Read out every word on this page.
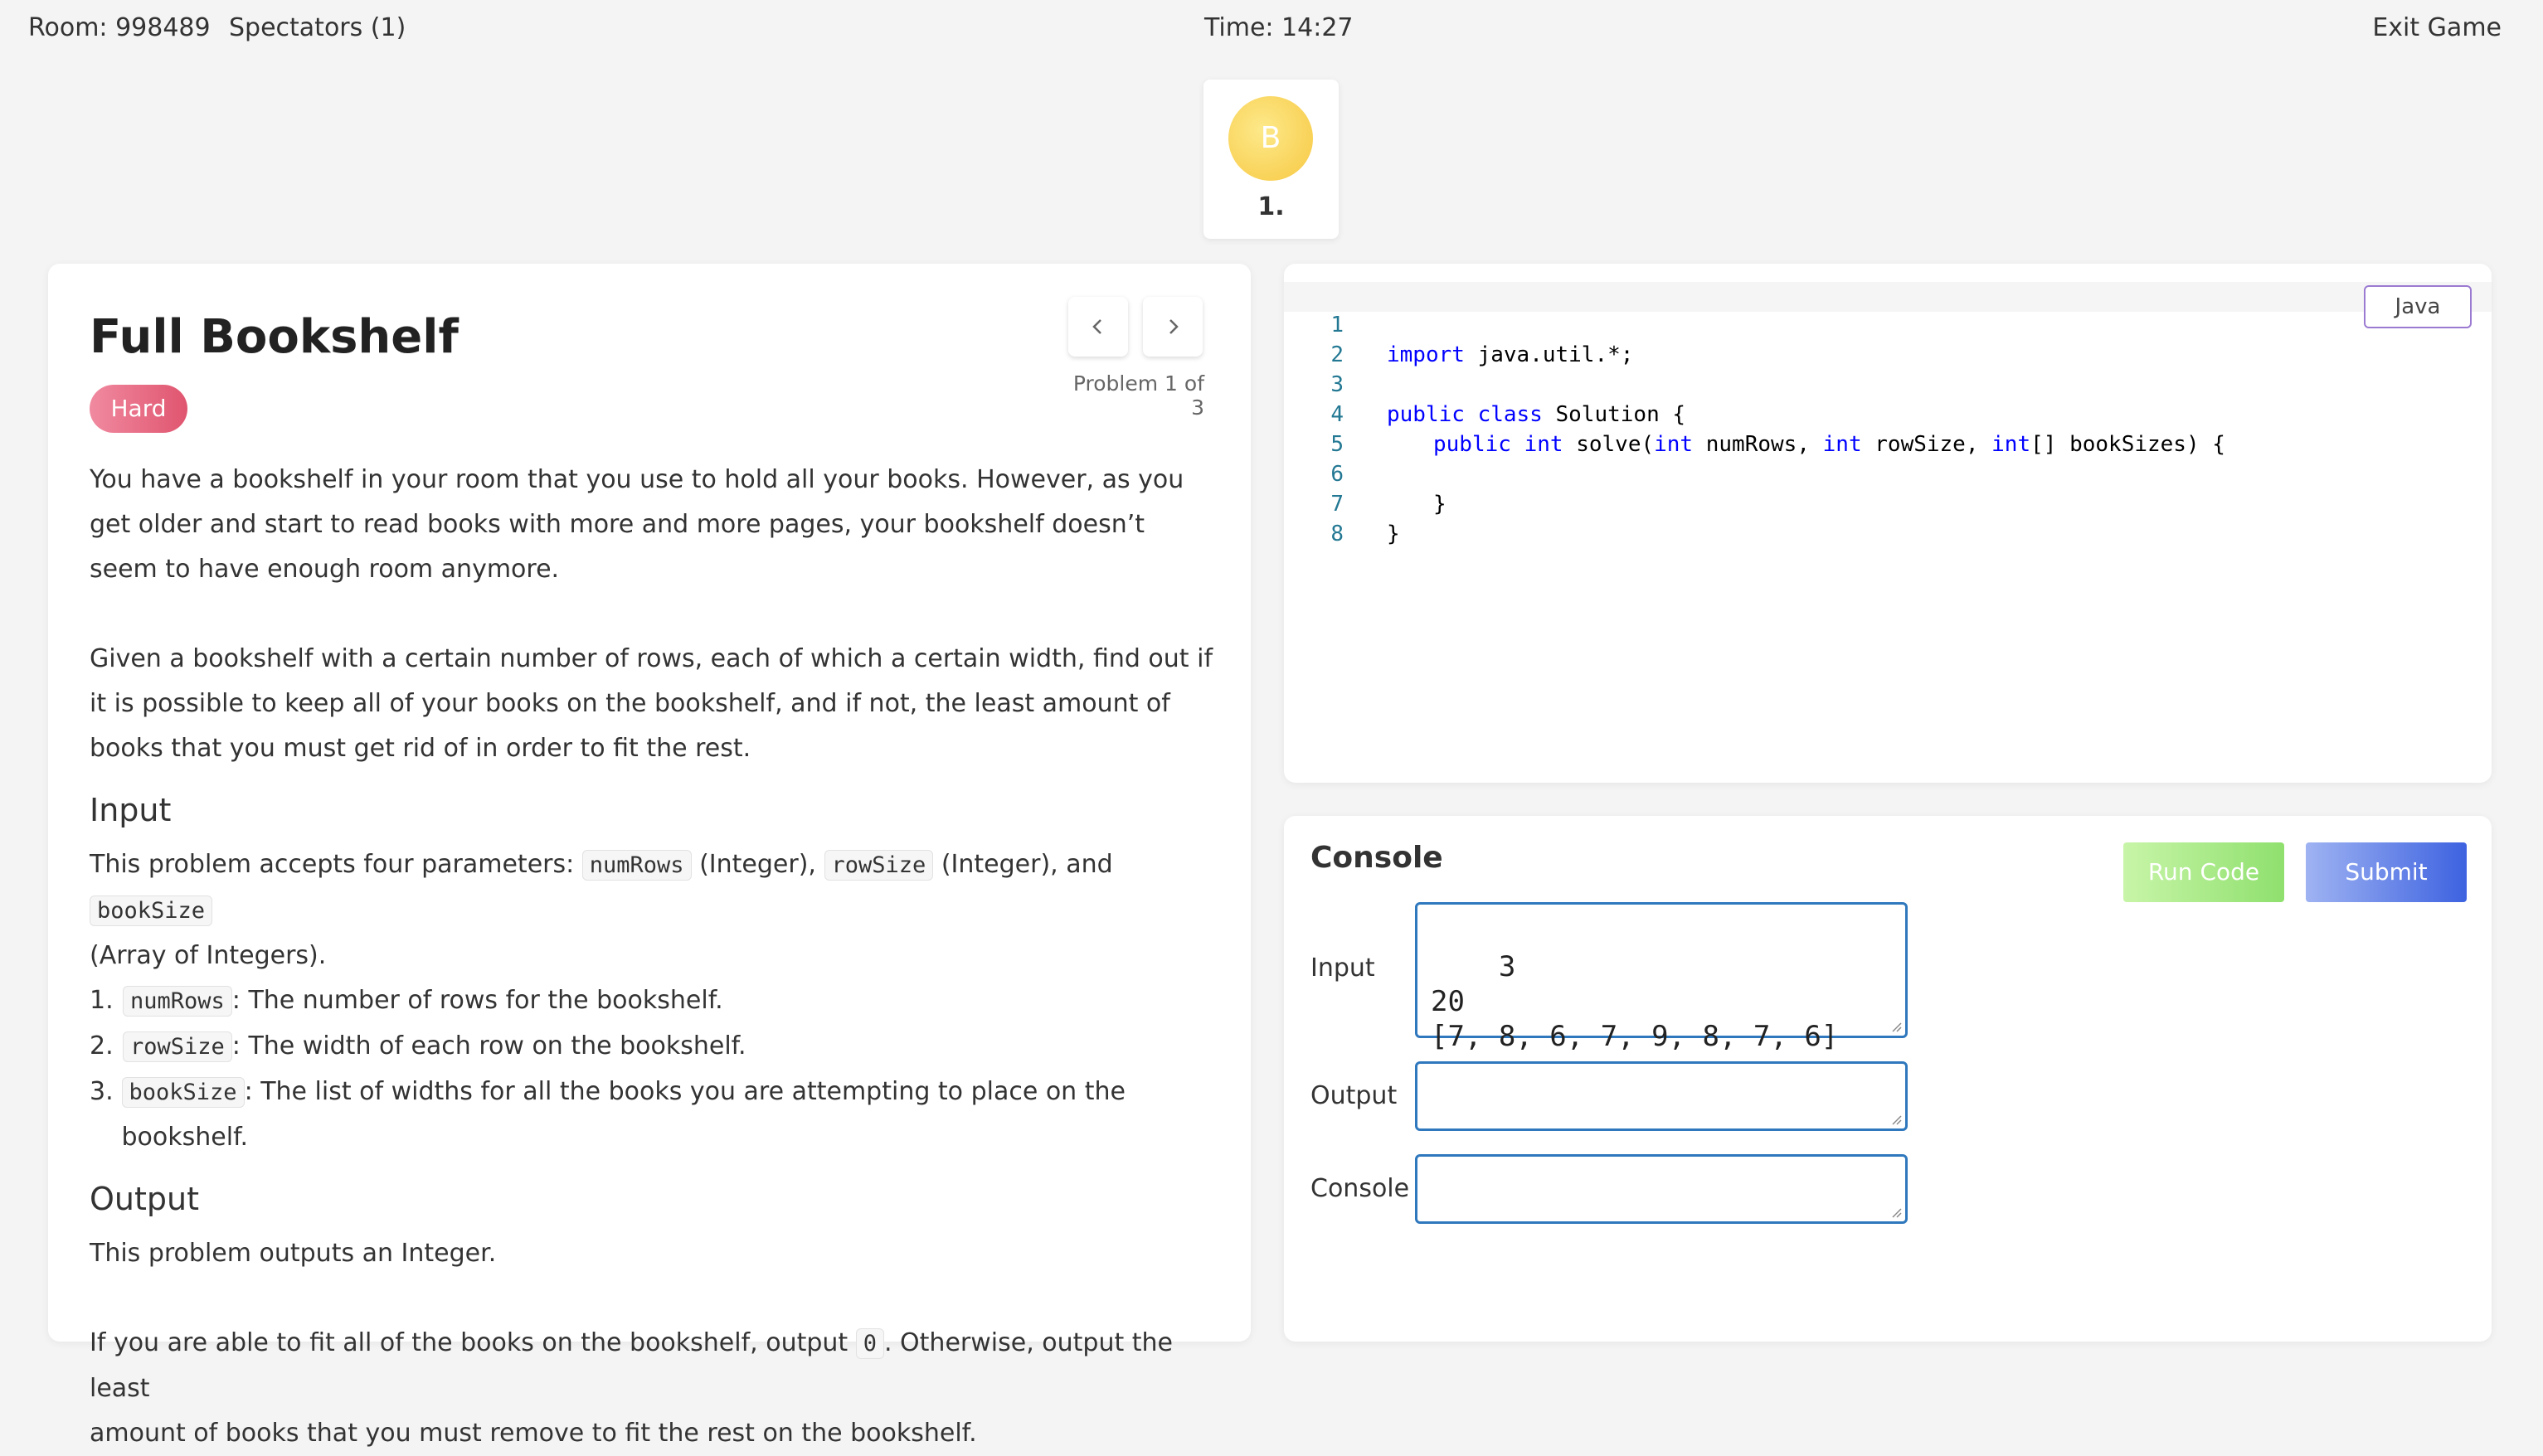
Room: 998489 Spectators (1)	Time: 14:27	Exit Game
B
1.
Full Bookshelf
Hard
Problem 1 of 3

You have a bookshelf in your room that you use to hold all your books. However, as you get older and start to read books with more and more pages, your bookshelf doesn’t seem to have enough room anymore.

Given a bookshelf with a certain number of rows, each of which a certain width, find out if it is possible to keep all of your books on the bookshelf, and if not, the least amount of books that you must get rid of in order to fit the rest.

Input

This problem accepts four parameters: numRows (Integer), rowSize (Integer), and bookSize
(Array of Integers).

1. numRows : The number of rows for the bookshelf.
2. rowSize : The width of each row on the bookshelf.
3. bookSize : The list of widths for all the books you are attempting to place on the bookshelf.
Output

This problem outputs an Integer.

If you are able to fit all of the books on the bookshelf, output 0 . Otherwise, output the least
amount of books that you must remove to fit the rest on the bookshelf.

1

import java.util.*;

2

3

public class Solution {

4

public int solve(int numRows, int rowSize, int[] bookSizes) {

5

6

}

7

}

8

Java
Console	Run Code	Submit
Input	3
20
[7, 8, 6, 7, 9, 8, 7, 6]

Output

Console
